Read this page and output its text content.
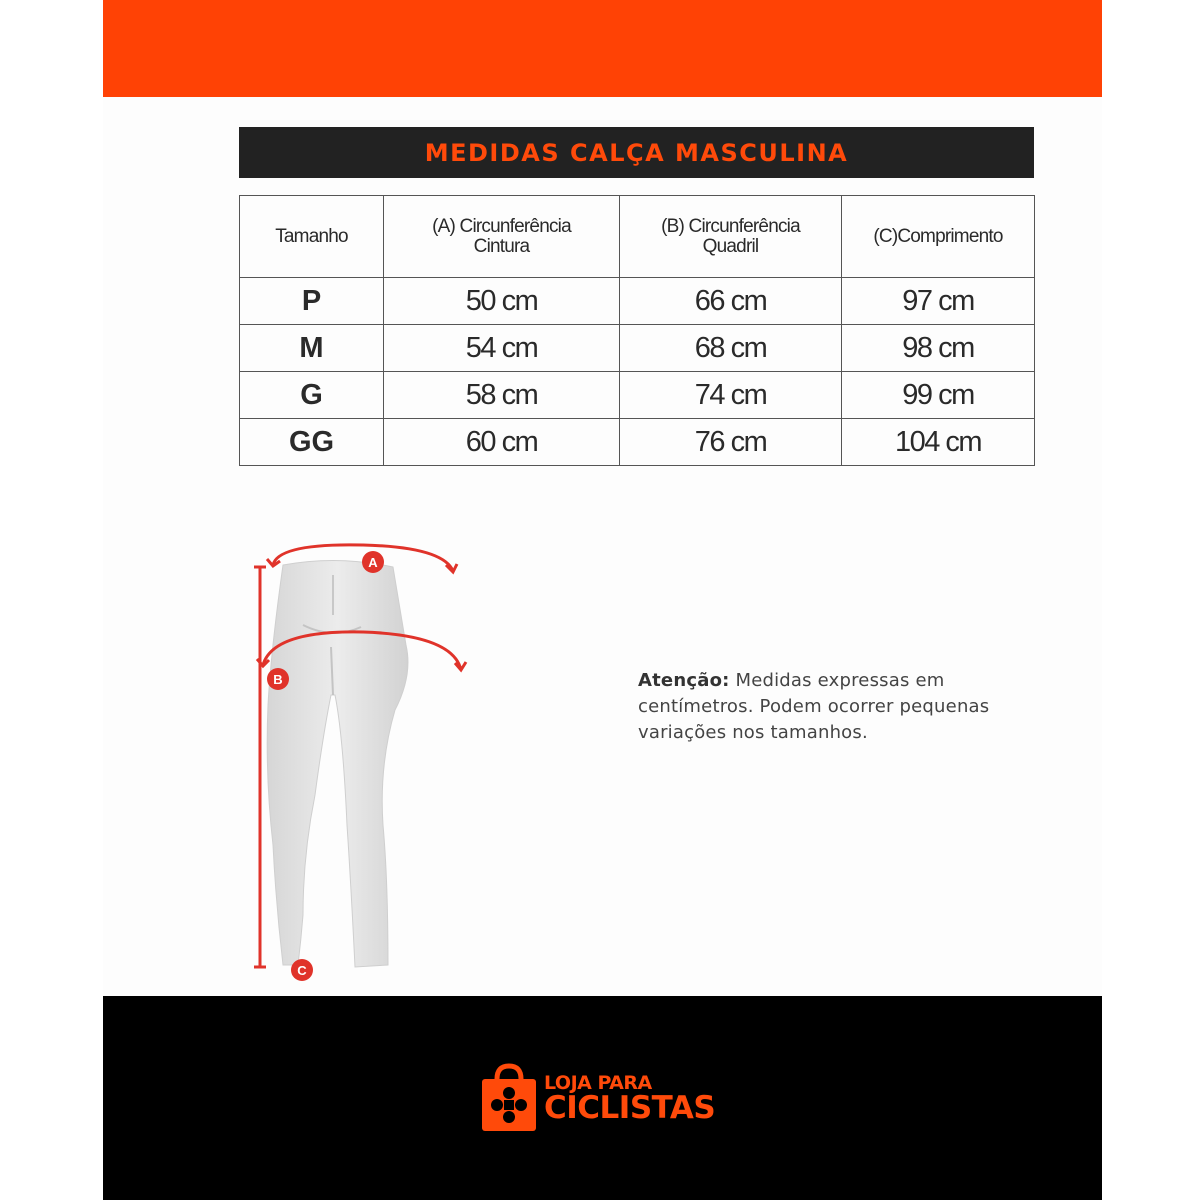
MEDIDAS CALÇA MASCULINA
Tamanho	(A) Circunferência Cintura	(B) Circunferência Quadril	(C)Comprimento
P	50 cm	66 cm	97 cm
M	54 cm	68 cm	98 cm
G	58 cm	74 cm	99 cm
GG	60 cm	76 cm	104 cm
A
B
C
Atenção: Medidas expressas em centímetros. Podem ocorrer pequenas variações nos tamanhos.
LOJA PARA
CICLISTAS
